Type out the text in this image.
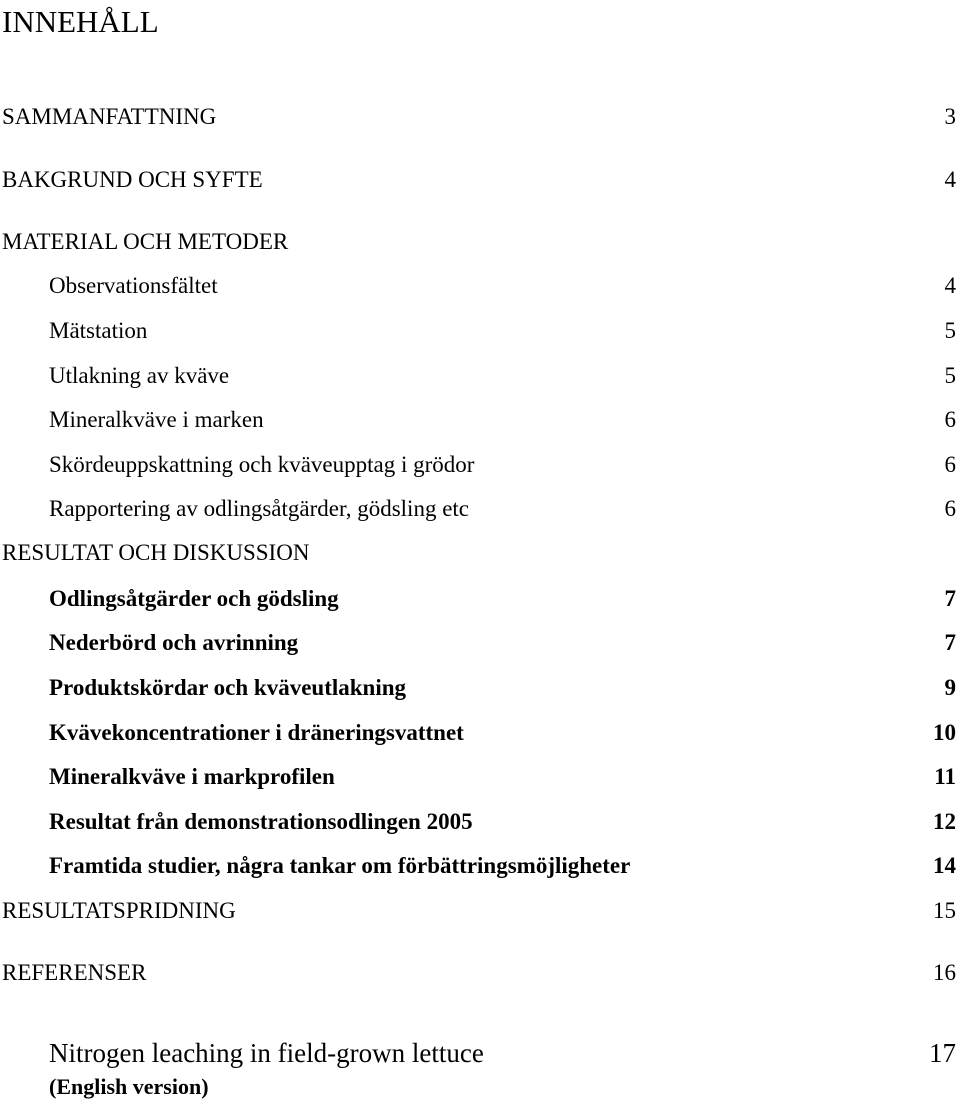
INNEHÅLL
SAMMANFATTNING	3
BAKGRUND OCH SYFTE	4
MATERIAL OCH METODER
Observationsfältet	4
Mätstation	5
Utlakning av kväve	5
Mineralkväve i marken	6
Skördeuppskattning och kväveupptag i grödor	6
Rapportering av odlingsåtgärder, gödsling etc	6
RESULTAT OCH DISKUSSION
Odlingsåtgärder och gödsling	7
Nederbörd och avrinning	7
Produktskördar och kväveutlakning	9
Kvävekoncentrationer i dräneringsvattnet	10
Mineralkväve i markprofilen	11
Resultat från demonstrationsodlingen 2005	12
Framtida studier, några tankar om förbättringsmöjligheter	14
RESULTATSPRIDNING	15
REFERENSER	16
Nitrogen leaching in field-grown lettuce	17
(English version)
